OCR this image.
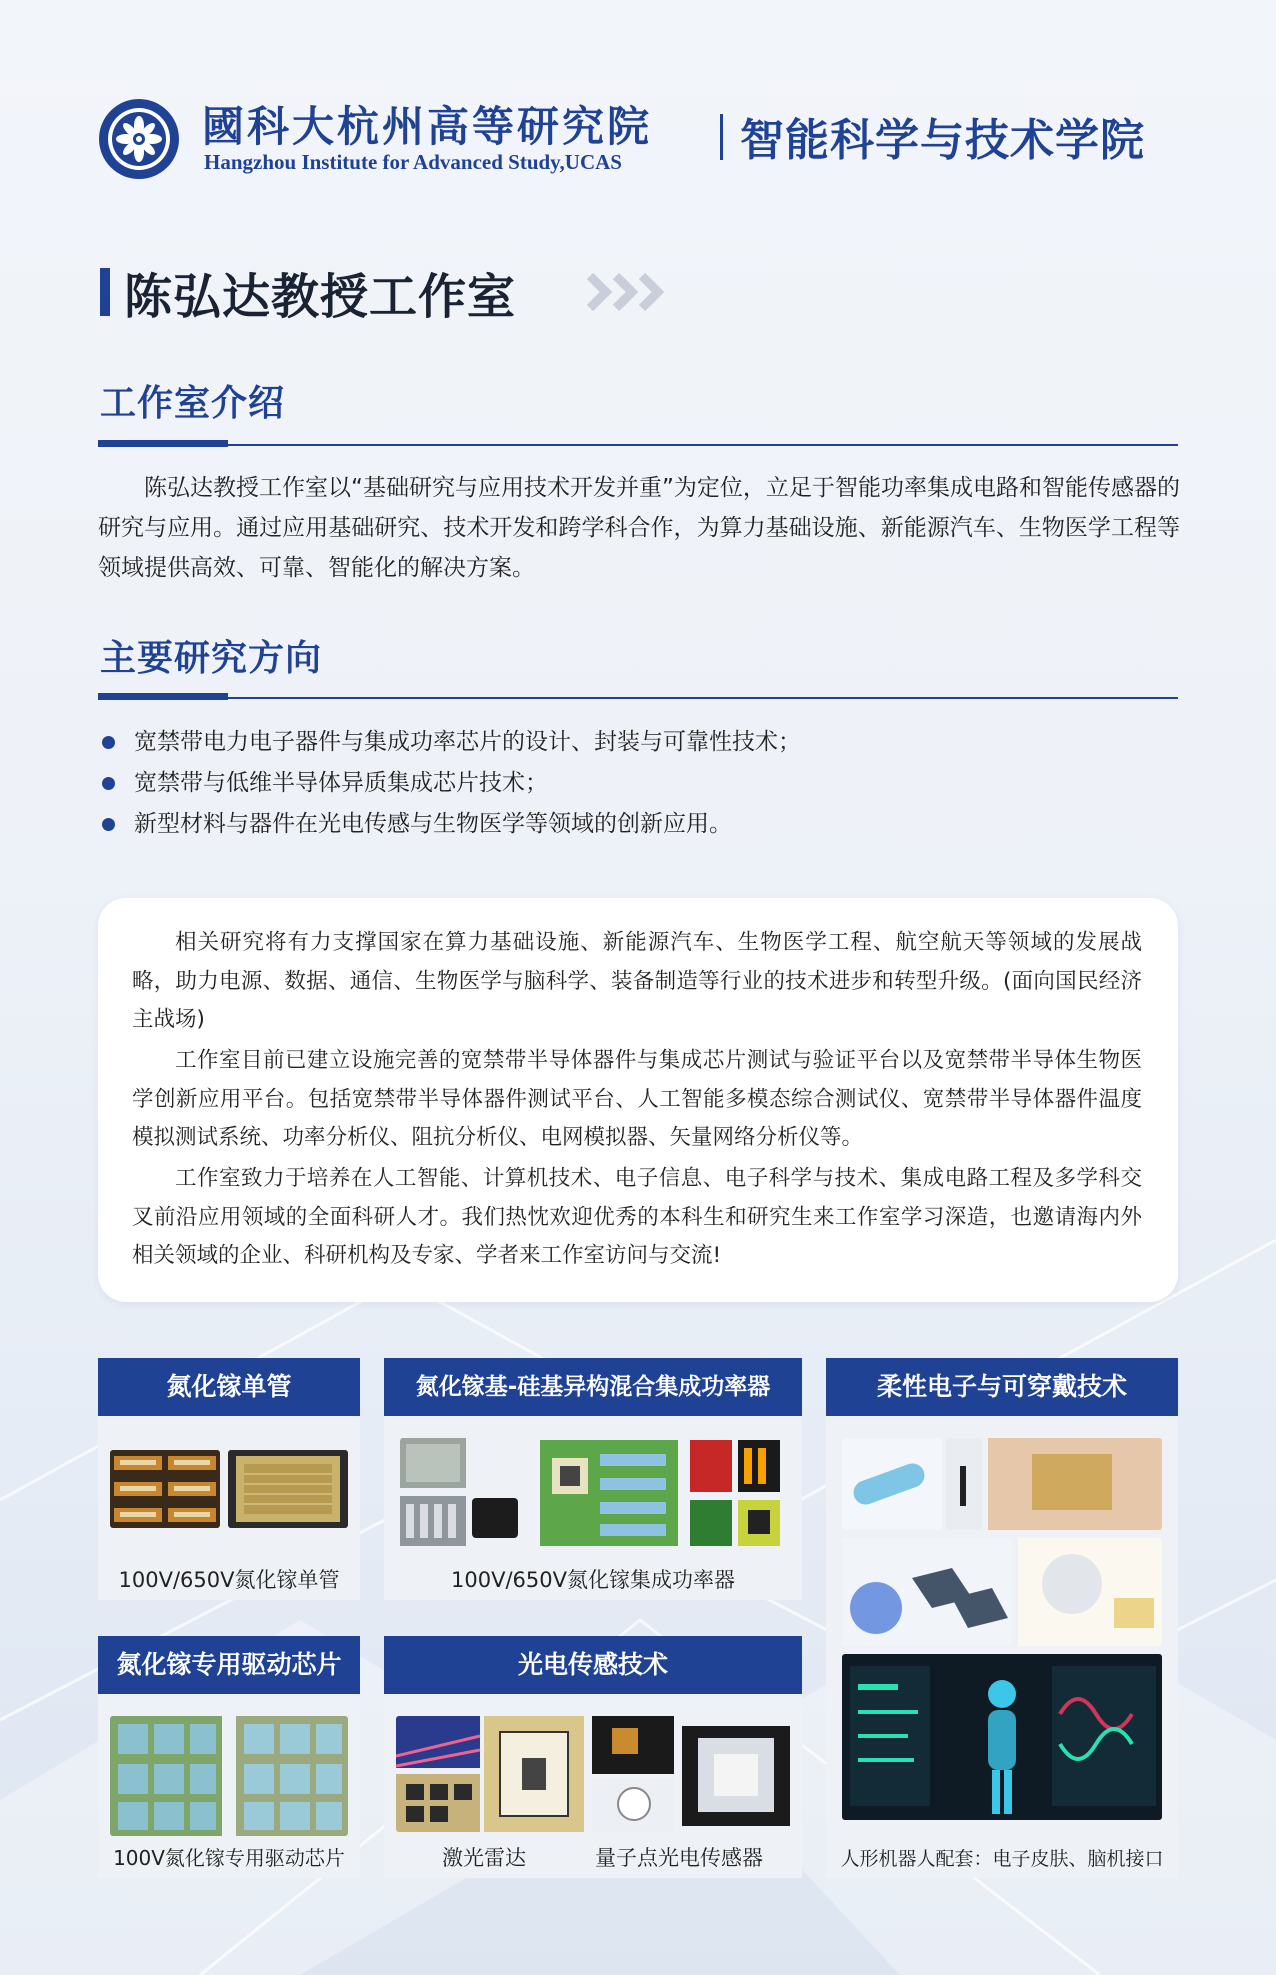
國科大杭州高等研究院
Hangzhou Institute for Advanced Study,UCAS	智能科学与技术学院
陈弘达教授工作室
工作室介绍

陈弘达教授工作室以“基础研究与应用技术开发并重”为定位，立足于智能功率集成电路和智能传感器的研究与应用。通过应用基础研究、技术开发和跨学科合作，为算力基础设施、新能源汽车、生物医学工程等领域提供高效、可靠、智能化的解决方案。

主要研究方向
宽禁带电力电子器件与集成功率芯片的设计、封装与可靠性技术；
宽禁带与低维半导体异质集成芯片技术；
新型材料与器件在光电传感与生物医学等领域的创新应用。

相关研究将有力支撑国家在算力基础设施、新能源汽车、生物医学工程、航空航天等领域的发展战略，助力电源、数据、通信、生物医学与脑科学、装备制造等行业的技术进步和转型升级。(面向国民经济主战场)

工作室目前已建立设施完善的宽禁带半导体器件与集成芯片测试与验证平台以及宽禁带半导体生物医学创新应用平台。包括宽禁带半导体器件测试平台、人工智能多模态综合测试仪、宽禁带半导体器件温度模拟测试系统、功率分析仪、阻抗分析仪、电网模拟器、矢量网络分析仪等。

工作室致力于培养在人工智能、计算机技术、电子信息、电子科学与技术、集成电路工程及多学科交叉前沿应用领域的全面科研人才。我们热忱欢迎优秀的本科生和研究生来工作室学习深造，也邀请海内外相关领域的企业、科研机构及专家、学者来工作室访问与交流!

氮化镓单管
100V/650V氮化镓单管
氮化镓基-硅基异构混合集成功率器
100V/650V氮化镓集成功率器
柔性电子与可穿戴技术
人形机器人配套：电子皮肤、脑机接口
氮化镓专用驱动芯片
100V氮化镓专用驱动芯片
光电传感技术
激光雷达	量子点光电传感器
